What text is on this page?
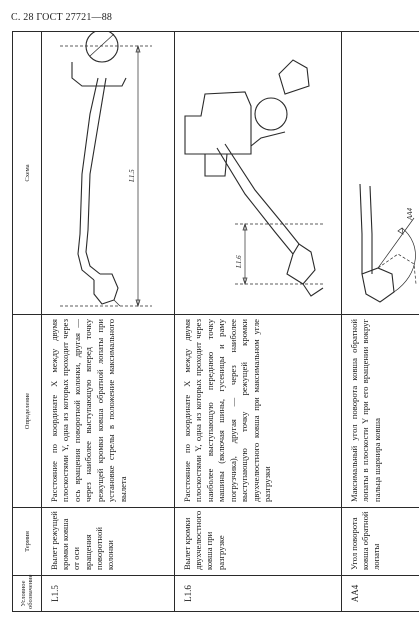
С. 28 ГОСТ 27721—88
Условное обозначение	Термин	Определение	Схема
L1.5	Вылет режущей кромки ковша от оси вращения поворотной колонки	Расстояние по координате X между двумя плоскостями Y, одна из которых проходит через ось вращения поворотной колонки, другая — через наиболее выступающую вперед точку режущей кромки ковша обратной лопаты при установке стрелы в положение максимального вылета	L1.5

L1.6	Вылет кромки двухчелюстного ковша при разгрузке	Расстояние по координате X между двумя плоскостями Y, одна из которых проходит через наиболее выступающую переднюю точку машины (включая шины, гусеницы и раму погрузчика), другая — через наиболее выступающую точку режущей кромки двухчелюстного ковша при максимальном угле разгрузки	L1.6

AA4	Угол поворота ковша обратной лопаты	Максимальный угол поворота ковша обратной лопаты в плоскости Y при его вращении вокруг пальца шарнира ковша	AA4
